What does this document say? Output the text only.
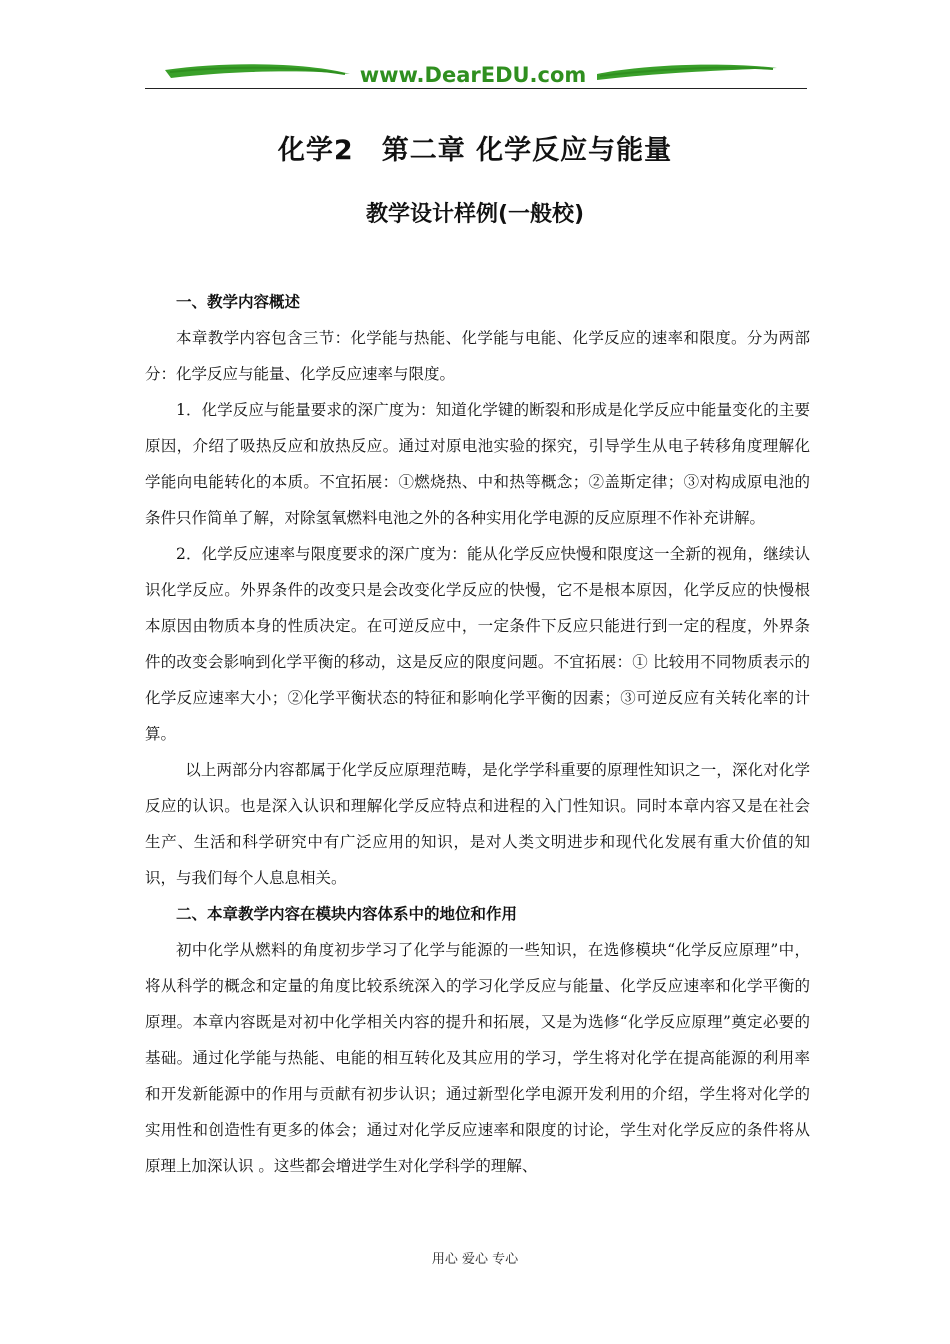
www.DearEDU.com
化学2　第二章 化学反应与能量
教学设计样例(一般校)
一、教学内容概述

本章教学内容包含三节：化学能与热能、化学能与电能、化学反应的速率和限度。分为两部分：化学反应与能量、化学反应速率与限度。

1．化学反应与能量要求的深广度为：知道化学键的断裂和形成是化学反应中能量变化的主要原因，介绍了吸热反应和放热反应。通过对原电池实验的探究，引导学生从电子转移角度理解化学能向电能转化的本质。不宜拓展：①燃烧热、中和热等概念；②盖斯定律；③对构成原电池的条件只作简单了解，对除氢氧燃料电池之外的各种实用化学电源的反应原理不作补充讲解。

2．化学反应速率与限度要求的深广度为：能从化学反应快慢和限度这一全新的视角，继续认识化学反应。外界条件的改变只是会改变化学反应的快慢，它不是根本原因，化学反应的快慢根本原因由物质本身的性质决定。在可逆反应中，一定条件下反应只能进行到一定的程度，外界条件的改变会影响到化学平衡的移动，这是反应的限度问题。不宜拓展：① 比较用不同物质表示的化学反应速率大小；②化学平衡状态的特征和影响化学平衡的因素；③可逆反应有关转化率的计算。

以上两部分内容都属于化学反应原理范畴，是化学学科重要的原理性知识之一，深化对化学反应的认识。也是深入认识和理解化学反应特点和进程的入门性知识。同时本章内容又是在社会生产、生活和科学研究中有广泛应用的知识，是对人类文明进步和现代化发展有重大价值的知识，与我们每个人息息相关。

二、本章教学内容在模块内容体系中的地位和作用

初中化学从燃料的角度初步学习了化学与能源的一些知识，在选修模块“化学反应原理”中，将从科学的概念和定量的角度比较系统深入的学习化学反应与能量、化学反应速率和化学平衡的原理。本章内容既是对初中化学相关内容的提升和拓展，又是为选修“化学反应原理”奠定必要的基础。通过化学能与热能、电能的相互转化及其应用的学习，学生将对化学在提高能源的利用率和开发新能源中的作用与贡献有初步认识；通过新型化学电源开发利用的介绍，学生将对化学的实用性和创造性有更多的体会；通过对化学反应速率和限度的讨论，学生对化学反应的条件将从原理上加深认识 。这些都会增进学生对化学科学的理解、

用心 爱心 专心
